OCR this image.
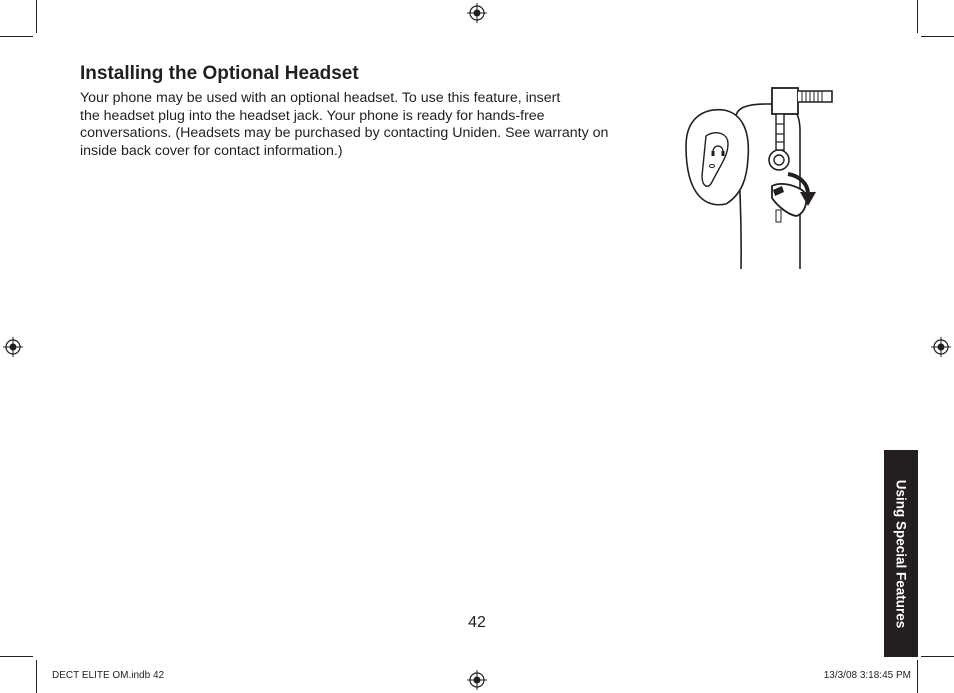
Installing the Optional Headset

Your phone may be used with an optional headset. To use this feature, insert
the headset plug into the headset jack. Your phone is ready for hands-free
conversations. (Headsets may be purchased by contacting Uniden. See warranty on
inside back cover for contact information.)

Using Special Features
42
DECT ELITE OM.indb 42	13/3/08 3:18:45 PM
